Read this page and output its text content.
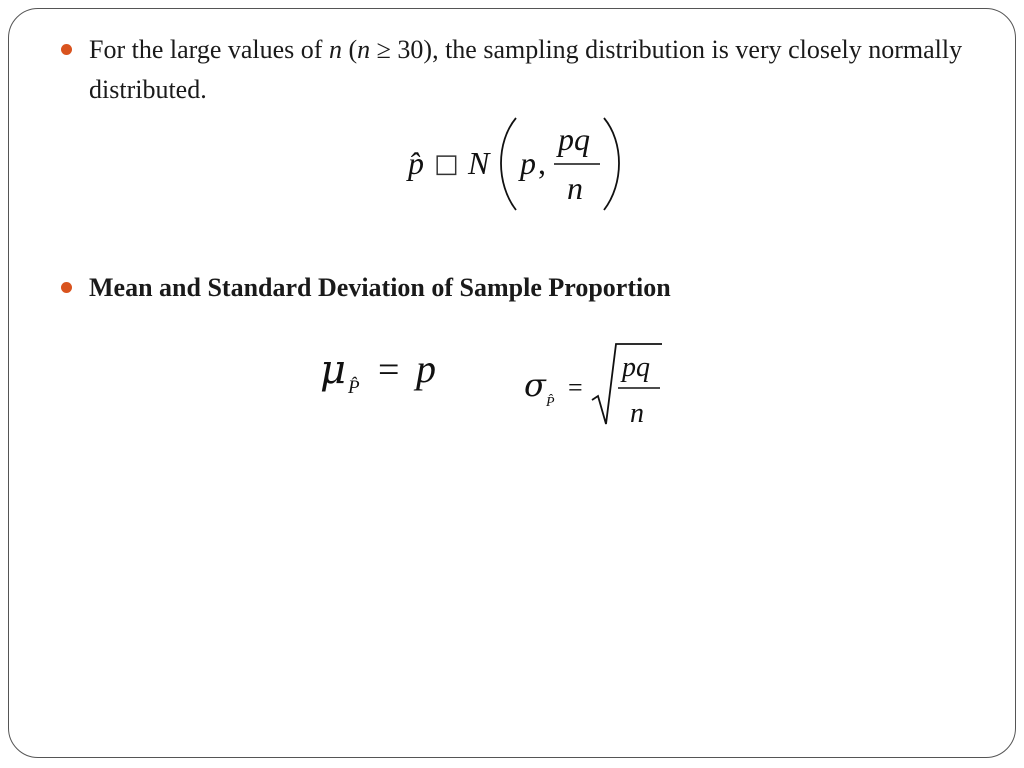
For the large values of n (n ≥ 30), the sampling distribution is very closely normally distributed.
p̂ □ N p ,
pq
n
Mean and Standard Deviation of Sample Proportion
μ P̂ = p	σ P̂
=
pq
n
